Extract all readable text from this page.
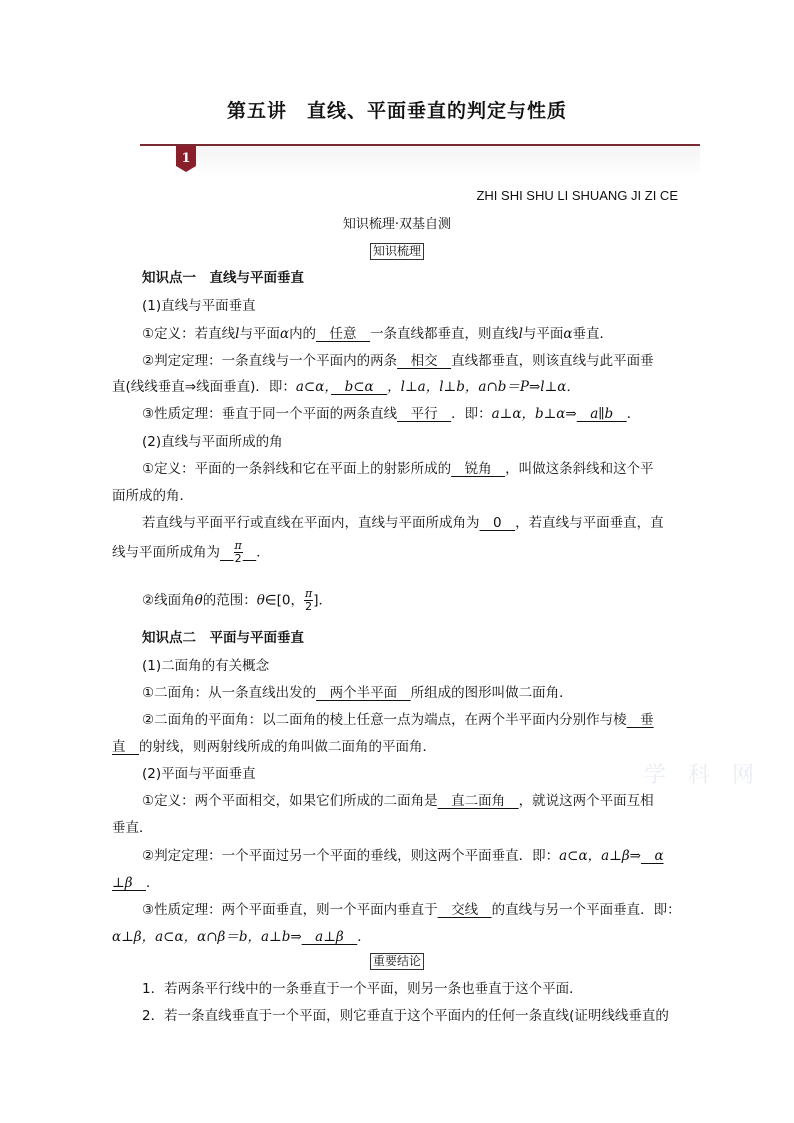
第五讲　直线、平面垂直的判定与性质
1
ZHI SHI SHU LI SHUANG JI ZI CE
知识梳理·双基自测
知识梳理
知识点一　直线与平面垂直
(1)直线与平面垂直
①定义：若直线l与平面α内的　任意　一条直线都垂直，则直线l与平面α垂直．
②判定定理：一条直线与一个平面内的两条　相交　直线都垂直，则该直线与此平面垂
直(线线垂直⇒线面垂直)．即：a⊂α，　b⊂α　，l⊥a，l⊥b，a∩b＝P⇒l⊥α．
③性质定理：垂直于同一个平面的两条直线　平行　．即：a⊥α，b⊥α⇒　a∥b　．
(2)直线与平面所成的角
①定义：平面的一条斜线和它在平面上的射影所成的　锐角　，叫做这条斜线和这个平
面所成的角．
若直线与平面平行或直线在平面内，直线与平面所成角为　0　，若直线与平面垂直，直
线与平面所成角为　 $\frac{\pi}{2}$
　 ．
②线面角θ的范围：θ∈[0， $\frac{\pi}{2}$ ]．
知识点二　平面与平面垂直
(1)二面角的有关概念
①二面角：从一条直线出发的　两个半平面　所组成的图形叫做二面角．
②二面角的平面角：以二面角的棱上任意一点为端点，在两个半平面内分别作与棱　垂
直　的射线，则两射线所成的角叫做二面角的平面角．
(2)平面与平面垂直
①定义：两个平面相交，如果它们所成的二面角是　直二面角　，就说这两个平面互相
垂直．
②判定定理：一个平面过另一个平面的垂线，则这两个平面垂直．即：a⊂α，a⊥β⇒　α
⊥β　．
③性质定理：两个平面垂直，则一个平面内垂直于　交线　的直线与另一个平面垂直．即：
α⊥β，a⊂α，α∩β＝b，a⊥b⇒　a⊥β　．
重要结论
1．若两条平行线中的一条垂直于一个平面，则另一条也垂直于这个平面．
2．若一条直线垂直于一个平面，则它垂直于这个平面内的任何一条直线(证明线线垂直的
　　学　科　网
